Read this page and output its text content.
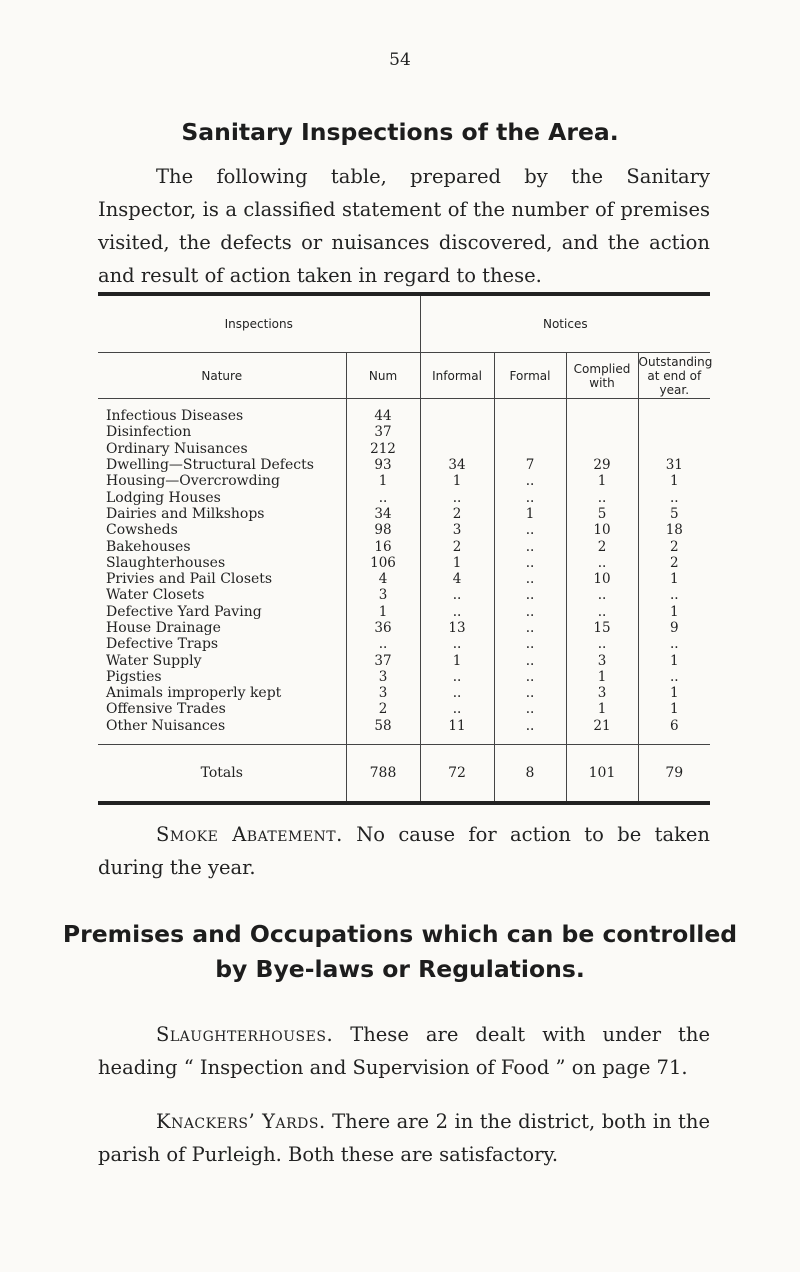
54
Sanitary Inspections of the Area.

The following table, prepared by the Sanitary Inspector, is a classified statement of the number of premises visited, the defects or nuisances discovered, and the action and result of action taken in regard to these.

Inspections		Notices			
Nature	Num	Informal	Formal	Complied with	Outstanding at end of year.
Infectious Diseases	44				
Disinfection	37				
Ordinary Nuisances	212				
Dwelling—Structural Defects	93	34	7	29	31
Housing—Overcrowding	1	1	..	1	1
Lodging Houses	..	..	..	..	..
Dairies and Milkshops	34	2	1	5	5
Cowsheds	98	3	..	10	18
Bakehouses	16	2	..	2	2
Slaughterhouses	106	1	..	..	2
Privies and Pail Closets	4	4	..	10	1
Water Closets	3	..	..	..	..
Defective Yard Paving	1	..	..	..	1
House Drainage	36	13	..	15	9
Defective Traps	..	..	..	..	..
Water Supply	37	1	..	3	1
Pigsties	3	..	..	1	..
Animals improperly kept	3	..	..	3	1
Offensive Trades	2	..	..	1	1
Other Nuisances	58	11	..	21	6
Totals	788	72	8	101	79

Smoke Abatement. No cause for action to be taken during the year.

Premises and Occupations which can be controlled
by Bye-laws or Regulations.

Slaughterhouses. These are dealt with under the heading “ Inspection and Supervision of Food ” on page 71.

Knackers’ Yards. There are 2 in the district, both in the parish of Purleigh. Both these are satisfactory.
